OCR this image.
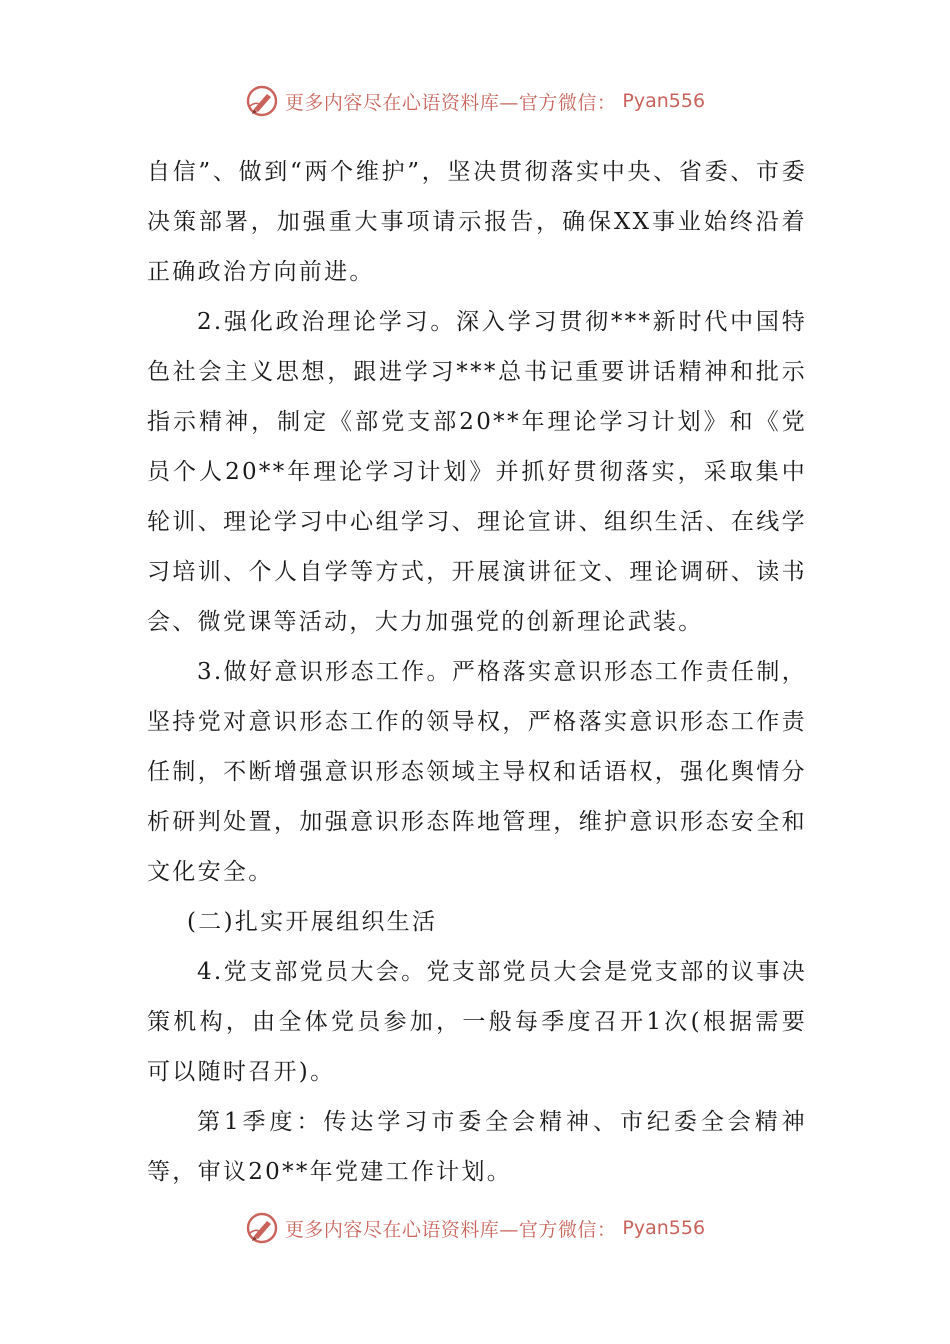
更多内容尽在心语资料库—官方微信： Pyan556

自信”、做到“两个维护”，坚决贯彻落实中央、省委、市委决策部署，加强重大事项请示报告，确保XX事业始终沿着正确政治方向前进。

2.强化政治理论学习。深入学习贯彻***新时代中国特色社会主义思想，跟进学习***总书记重要讲话精神和批示指示精神，制定《部党支部20**年理论学习计划》和《党员个人20**年理论学习计划》并抓好贯彻落实，采取集中轮训、理论学习中心组学习、理论宣讲、组织生活、在线学习培训、个人自学等方式，开展演讲征文、理论调研、读书会、微党课等活动，大力加强党的创新理论武装。

3.做好意识形态工作。严格落实意识形态工作责任制，坚持党对意识形态工作的领导权，严格落实意识形态工作责任制，不断增强意识形态领域主导权和话语权，强化舆情分析研判处置，加强意识形态阵地管理，维护意识形态安全和文化安全。

(二)扎实开展组织生活

4.党支部党员大会。党支部党员大会是党支部的议事决策机构，由全体党员参加，一般每季度召开1次(根据需要可以随时召开)。

第1季度：传达学习市委全会精神、市纪委全会精神等，审议20**年党建工作计划。

更多内容尽在心语资料库—官方微信： Pyan556
